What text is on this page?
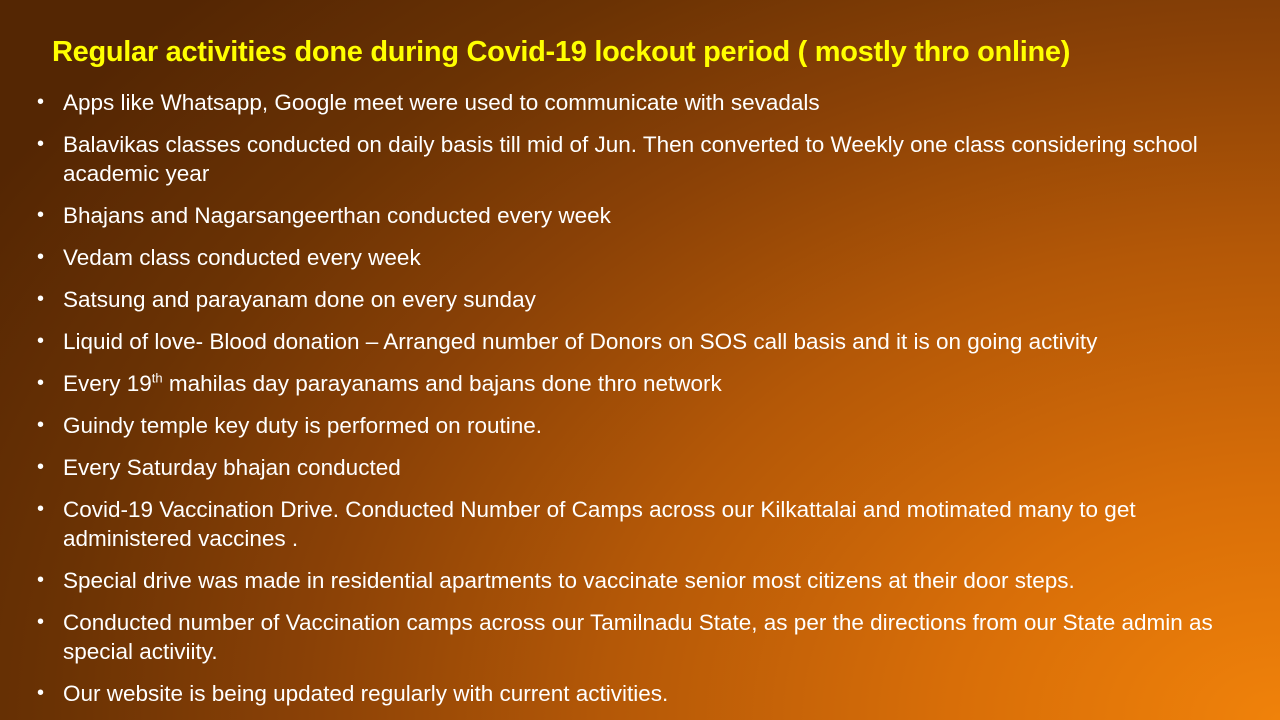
Regular activities done during Covid-19 lockout period ( mostly thro online)
• Apps like Whatsapp, Google meet were used to communicate with sevadals
• Balavikas classes conducted on daily basis till mid of Jun. Then converted to Weekly one class considering school academic year
• Bhajans and Nagarsangeerthan conducted every week
• Vedam class conducted every week
• Satsung and parayanam done on every sunday
• Liquid of love- Blood donation – Arranged number of Donors on SOS call basis and it is on going activity
• Every 19th mahilas day parayanams and bajans done thro network
• Guindy temple key duty is performed on routine.
• Every Saturday bhajan conducted
• Covid-19 Vaccination Drive. Conducted Number of Camps across our Kilkattalai and motimated many to get administered vaccines .
• Special drive was made in residential apartments to vaccinate senior most citizens at their door steps.
• Conducted number of Vaccination camps across our Tamilnadu State, as per the directions from our State admin as special activiity.
• Our website is being updated regularly with current activities.
